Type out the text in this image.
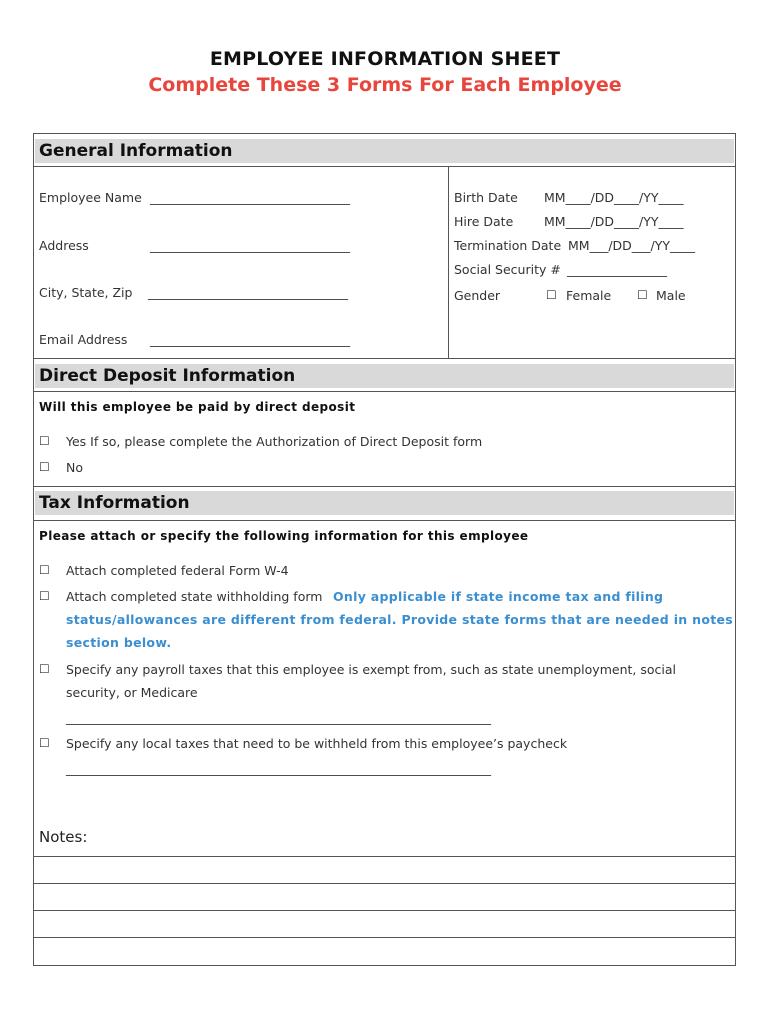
EMPLOYEE INFORMATION SHEET
Complete These 3 Forms For Each Employee
General Information
Employee Name ________________________________
Address	________________________________
City, State, Zip ________________________________
Email Address ________________________________
Birth Date MM____/DD____/YY____
Hire Date MM____/DD____/YY____
Termination Date MM___/DD___/YY____
Social Security # ________________
Gender	☐ Female ☐ Male
Direct Deposit Information
Will this employee be paid by direct deposit
☐ Yes If so, please complete the Authorization of Direct Deposit form
☐ No
Tax Information
Please attach or specify the following information for this employee
☐ Attach completed federal Form W-4
☐ Attach completed state withholding form Only applicable if state income tax and filing
status/allowances are different from federal. Provide state forms that are needed in notes
section below.
☐ Specify any payroll taxes that this employee is exempt from, such as state unemployment, social
security, or Medicare
____________________________________________________________________
☐ Specify any local taxes that need to be withheld from this employee’s paycheck
____________________________________________________________________
Notes:
